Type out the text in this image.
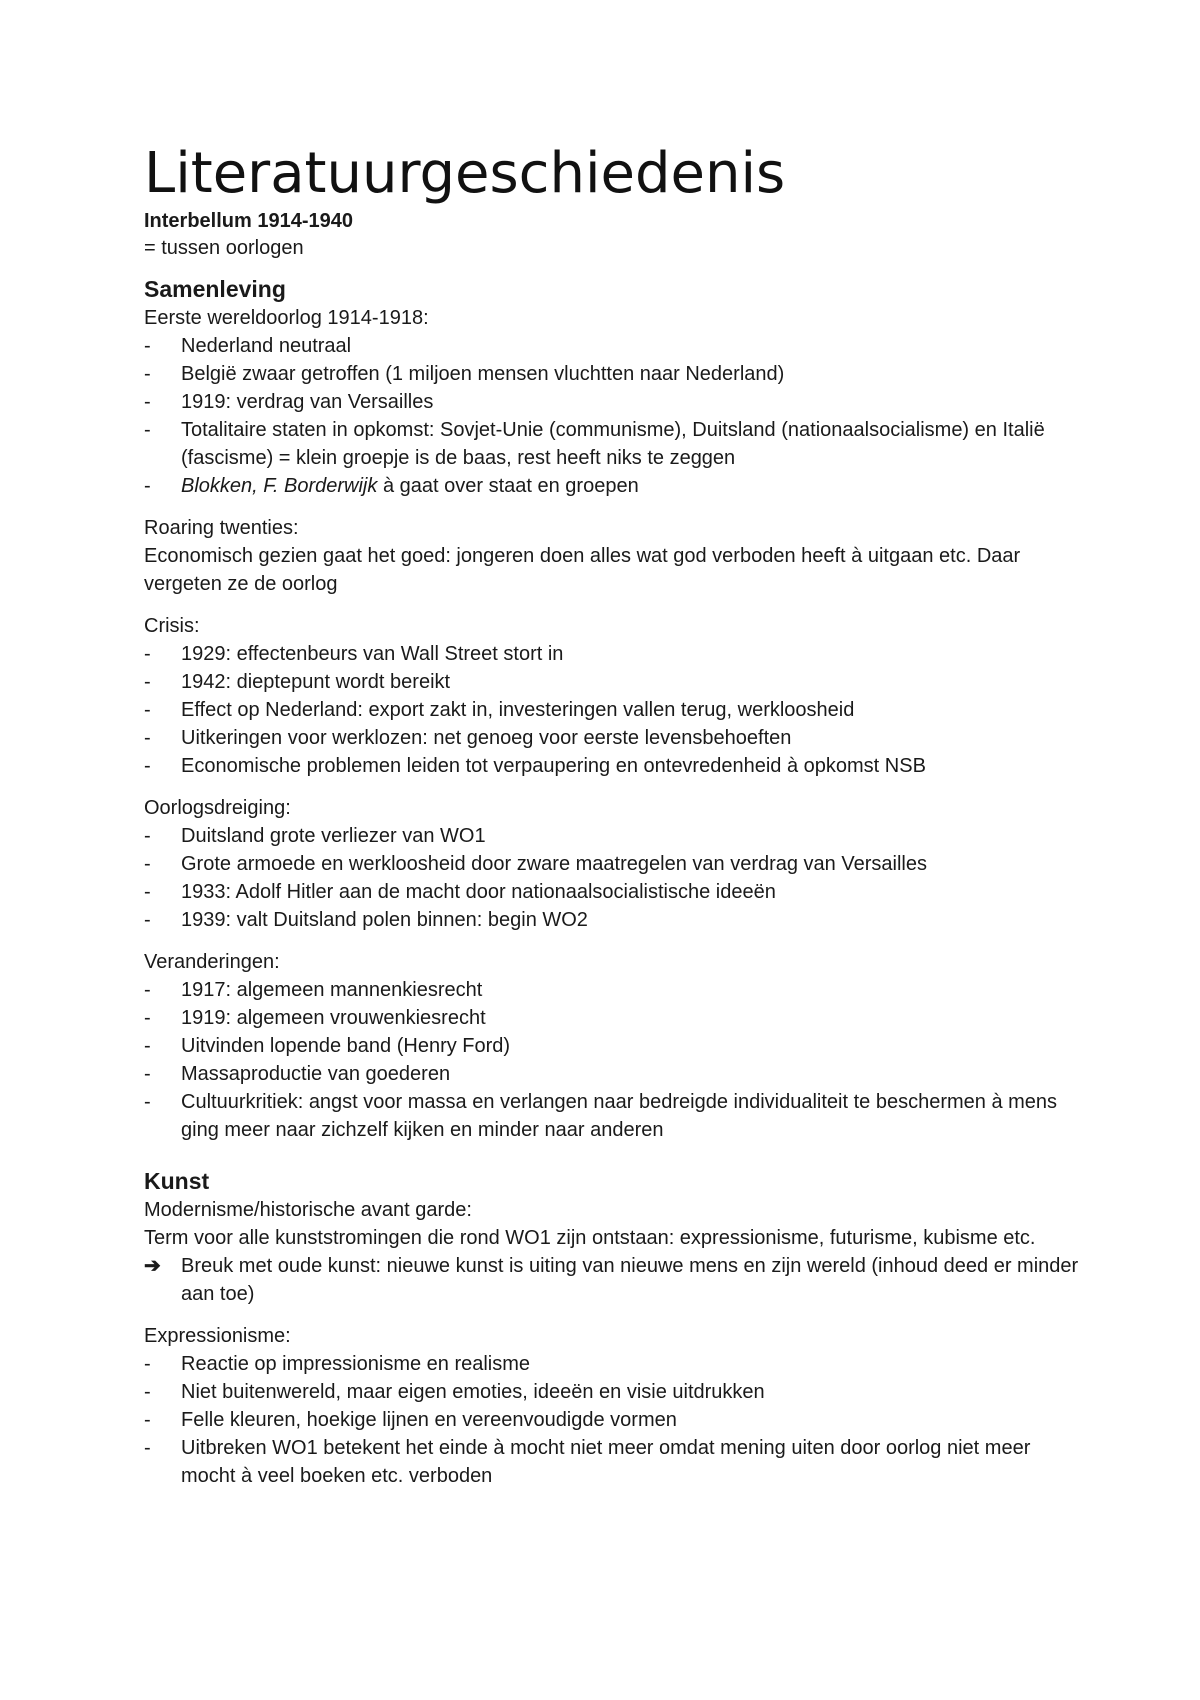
Literatuurgeschiedenis

Interbellum 1914-1940

= tussen oorlogen

Samenleving

Eerste wereldoorlog 1914-1918:

-	Nederland neutraal
-	België zwaar getroffen (1 miljoen mensen vluchtten naar Nederland)
-	1919: verdrag van Versailles
-	Totalitaire staten in opkomst: Sovjet-Unie (communisme), Duitsland (nationaalsocialisme) en Italië (fascisme) = klein groepje is de baas, rest heeft niks te zeggen
-	Blokken, F. Borderwijk à gaat over staat en groepen

Roaring twenties:

Economisch gezien gaat het goed: jongeren doen alles wat god verboden heeft à uitgaan etc. Daar vergeten ze de oorlog

Crisis:

-	1929: effectenbeurs van Wall Street stort in
-	1942: dieptepunt wordt bereikt
-	Effect op Nederland: export zakt in, investeringen vallen terug, werkloosheid
-	Uitkeringen voor werklozen: net genoeg voor eerste levensbehoeften
-	Economische problemen leiden tot verpaupering en ontevredenheid à opkomst NSB

Oorlogsdreiging:

-	Duitsland grote verliezer van WO1
-	Grote armoede en werkloosheid door zware maatregelen van verdrag van Versailles
-	1933: Adolf Hitler aan de macht door nationaalsocialistische ideeën
-	1939: valt Duitsland polen binnen: begin WO2

Veranderingen:

-	1917: algemeen mannenkiesrecht
-	1919: algemeen vrouwenkiesrecht
-	Uitvinden lopende band (Henry Ford)
-	Massaproductie van goederen
-	Cultuurkritiek: angst voor massa en verlangen naar bedreigde individualiteit te beschermen à mens ging meer naar zichzelf kijken en minder naar anderen
Kunst

Modernisme/historische avant garde:

Term voor alle kunststromingen die rond WO1 zijn ontstaan: expressionisme, futurisme, kubisme etc.

➔ Breuk met oude kunst: nieuwe kunst is uiting van nieuwe mens en zijn wereld (inhoud deed er minder aan toe)

Expressionisme:

-	Reactie op impressionisme en realisme
-	Niet buitenwereld, maar eigen emoties, ideeën en visie uitdrukken
-	Felle kleuren, hoekige lijnen en vereenvoudigde vormen
-	Uitbreken WO1 betekent het einde à mocht niet meer omdat mening uiten door oorlog niet meer mocht à veel boeken etc. verboden
